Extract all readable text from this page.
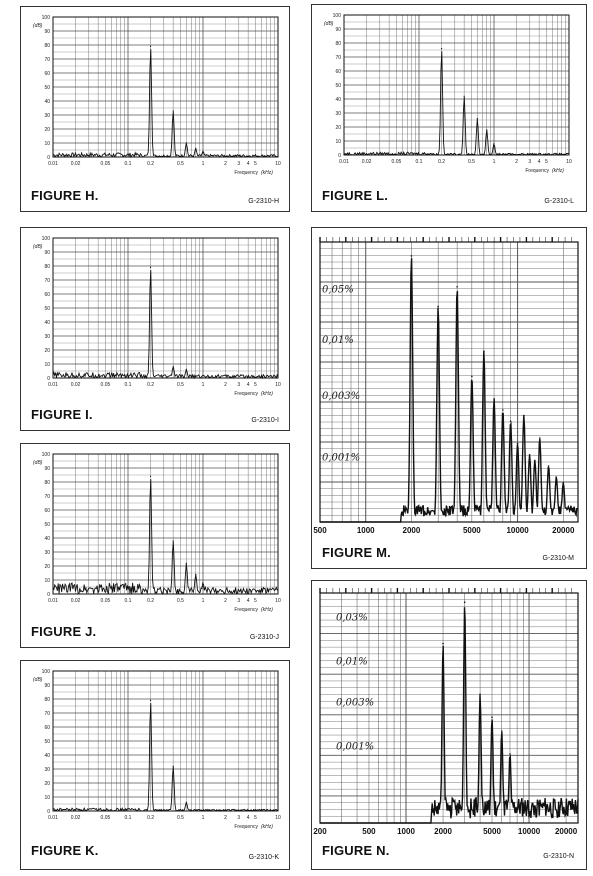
0
10
20
30
40
50
60
70
80
90
100
(dB)
0.01	0.02	0.05	0.1	0.2	0.5	1	2 3 4 5	10
Frequency (kHz)
FIGURE H.	G-2310-H
0
10
20
30
40
50
60
70
80
90
100
(dB)
0.01	0.02	0.05	0.1	0.2	0.5	1	2 3 4 5	10
Frequency (kHz)
FIGURE I.	G-2310-I
0
10
20
30
40
50
60
70
80
90
100
(dB)
0.01	0.02	0.05	0.1	0.2	0.5	1	2 3 4 5	10
Frequency (kHz)
FIGURE J.	G-2310-J
0
10
20
30
40
50
60
70
80
90
100
(dB)
0.01	0.02	0.05	0.1	0.2	0.5	1	2 3 4 5	10
Frequency (kHz)
FIGURE K.	G-2310-K
0
10
20
30
40
50
60
70
80
90
100
(dB)
0.01	0.02	0.05	0.1	0.2	0.5	1	2 3 4 5	10
Frequency (kHz)
FIGURE L.	G-2310-L
0,05%
0,01%
0,003%
0,001%
500	1000	2000	5000	10000	20000
FIGURE M.	G-2310-M
0,03%
0,01%
0,003%
0,001%
200	500	1000 2000	5000 10000 20000
FIGURE N.	G-2310-N
